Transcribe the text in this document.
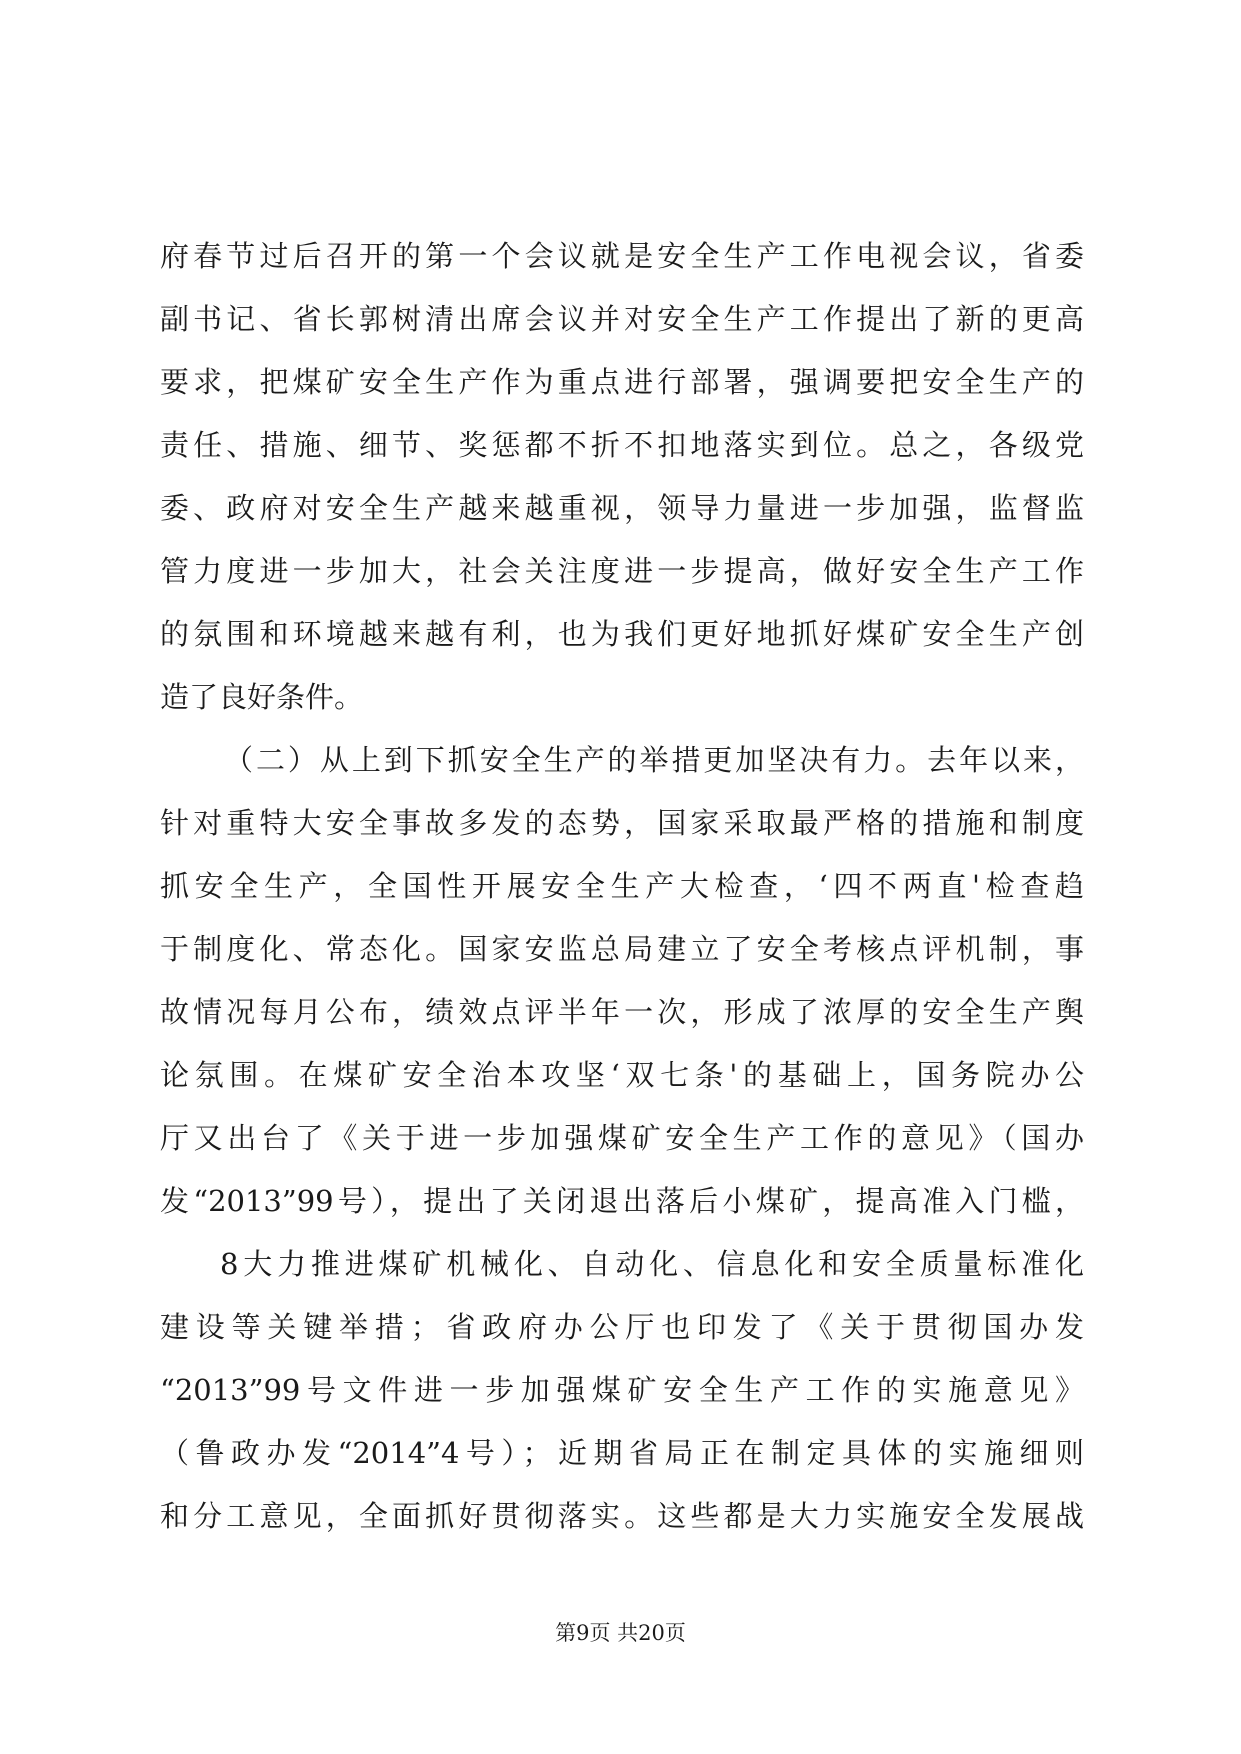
府春节过后召开的第一个会议就是安全生产工作电视会议，省委
副书记、省长郭树清出席会议并对安全生产工作提出了新的更高
要求，把煤矿安全生产作为重点进行部署，强调要把安全生产的
责任、措施、细节、奖惩都不折不扣地落实到位。总之，各级党
委、政府对安全生产越来越重视，领导力量进一步加强，监督监
管力度进一步加大，社会关注度进一步提高，做好安全生产工作
的氛围和环境越来越有利，也为我们更好地抓好煤矿安全生产创
造了良好条件。
（二）从上到下抓安全生产的举措更加坚决有力。去年以来，
针对重特大安全事故多发的态势，国家采取最严格的措施和制度
抓安全生产，全国性开展安全生产大检查，‘四不两直'检查趋
于制度化、常态化。国家安监总局建立了安全考核点评机制，事
故情况每月公布，绩效点评半年一次，形成了浓厚的安全生产舆
论氛围。在煤矿安全治本攻坚‘双七条'的基础上，国务院办公
厅又出台了《关于进一步加强煤矿安全生产工作的意见》（国办
发“2013”99号），提出了关闭退出落后小煤矿，提高准入门槛，
8大力推进煤矿机械化、自动化、信息化和安全质量标准化
建设等关键举措；省政府办公厅也印发了《关于贯彻国办发
“2013”99号文件进一步加强煤矿安全生产工作的实施意见》
（鲁政办发“2014”4号）；近期省局正在制定具体的实施细则
和分工意见，全面抓好贯彻落实。这些都是大力实施安全发展战
第9页 共20页
